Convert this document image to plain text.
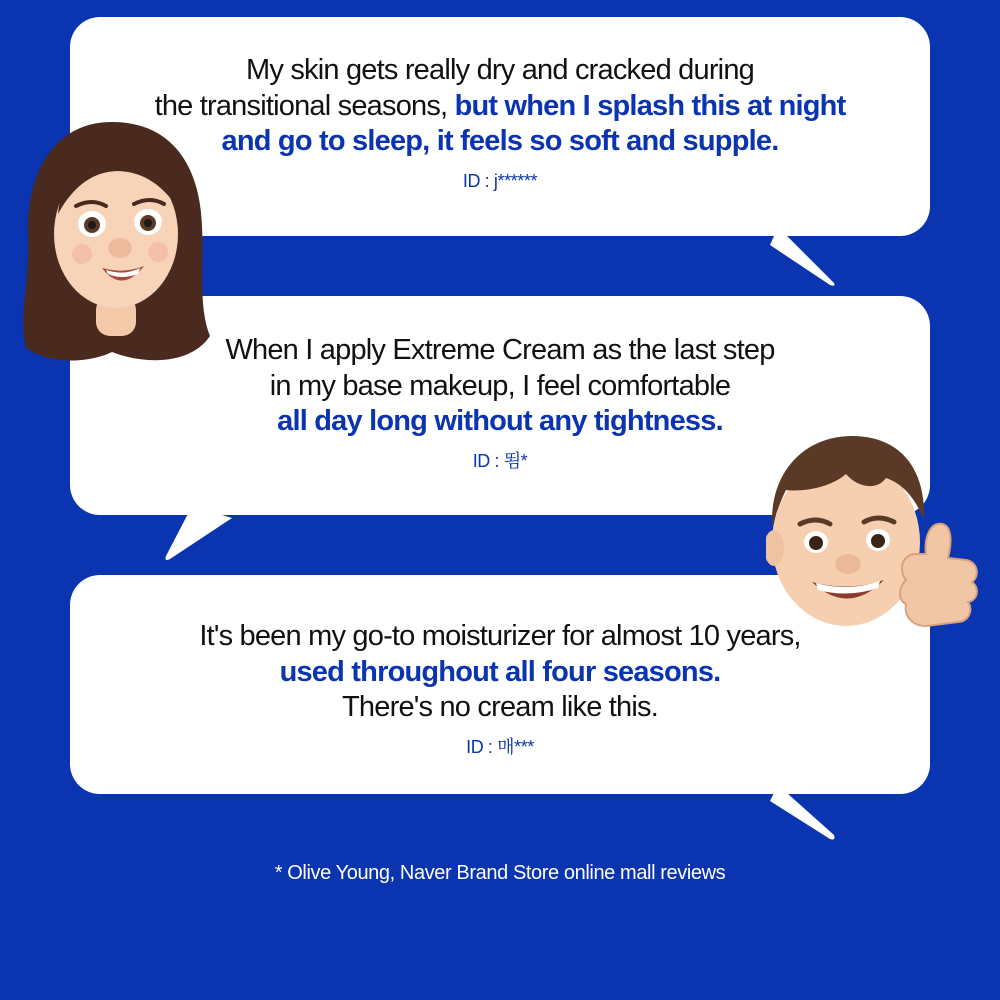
My skin gets really dry and cracked during
the transitional seasons, but when I splash this at night
and go to sleep, it feels so soft and supple.
ID : j******
When I apply Extreme Cream as the last step
in my base makeup, I feel comfortable
all day long without any tightness.
ID : 뙴*
It's been my go-to moisturizer for almost 10 years,
used throughout all four seasons.
There's no cream like this.
ID : 매***
* Olive Young, Naver Brand Store online mall reviews
